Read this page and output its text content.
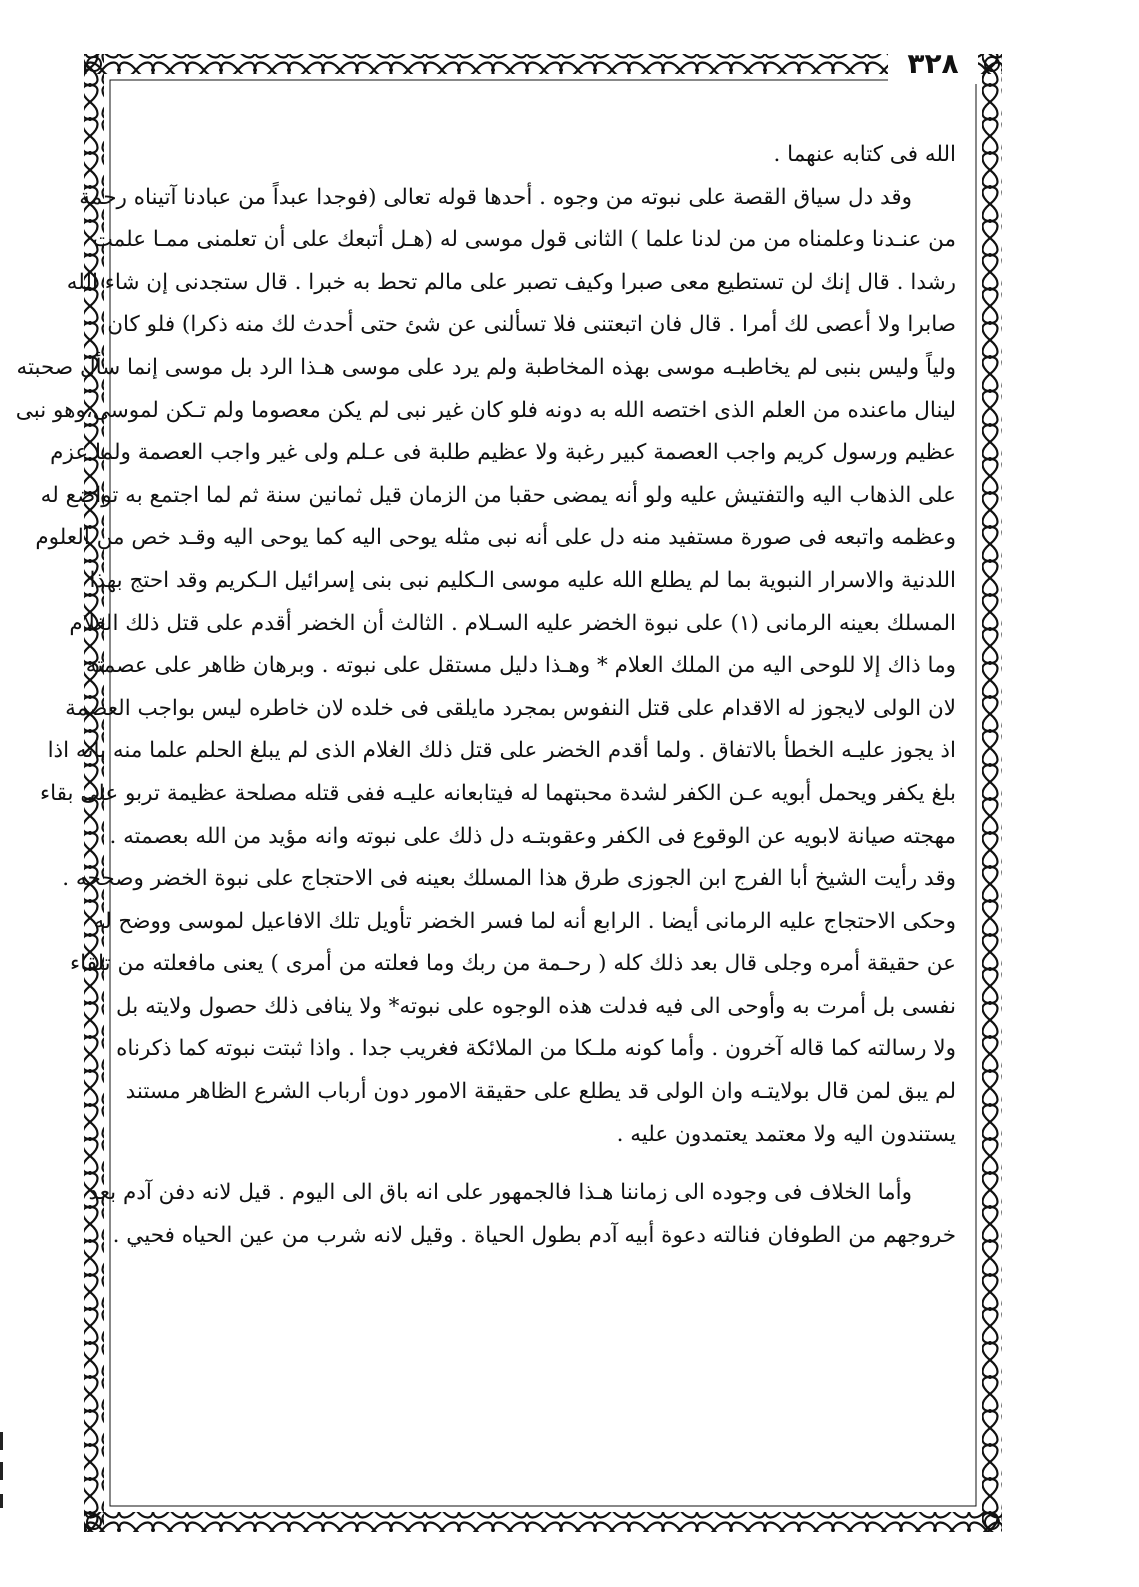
٣٢٨
الله فى كتابه عنهما .
وقد دل سياق القصة على نبوته من وجوه . أحدها قوله تعالى (فوجدا عبداً من عبادنا آتيناه رحمة
من عنـدنا وعلمناه من من لدنا علما ) الثانى قول موسى له (هـل أتبعك على أن تعلمنى ممـا علمت
رشدا . قال إنك لن تستطيع معى صبرا وكيف تصبر على مالم تحط به خبرا . قال ستجدنى إن شاء الله
صابرا ولا أعصى لك أمرا . قال فان اتبعتنى فلا تسألنى عن شئ حتى أحدث لك منه ذكرا) فلو كان
ولياً وليس بنبى لم يخاطبـه موسى بهذه المخاطبة ولم يرد على موسى هـذا الرد بل موسى إنما سأل صحبته
لينال ماعنده من العلم الذى اختصه الله به دونه فلو كان غير نبى لم يكن معصوما ولم تـكن لموسى،وهو نبى
عظيم ورسول كريم واجب العصمة كبير رغبة ولا عظيم طلبة فى عـلم ولى غير واجب العصمة ولما عزم
على الذهاب اليه والتفتيش عليه ولو أنه يمضى حقبا من الزمان قيل ثمانين سنة ثم لما اجتمع به تواضع له
وعظمه واتبعه فى صورة مستفيد منه دل على أنه نبى مثله يوحى اليه كما يوحى اليه وقـد خص من العلوم
اللدنية والاسرار النبوية بما لم يطلع الله عليه موسى الـكليم نبى بنى إسرائيل الـكريم وقد احتج بهذا
المسلك بعينه الرمانى (١) على نبوة الخضر عليه السـلام . الثالث أن الخضر أقدم على قتل ذلك الغلام
وما ذاك إلا للوحى اليه من الملك العلام * وهـذا دليل مستقل على نبوته . وبرهان ظاهر على عصمته
لان الولى لايجوز له الاقدام على قتل النفوس بمجرد مايلقى فى خلده لان خاطره ليس بواجب العصمة
اذ يجوز عليـه الخطأ بالاتفاق . ولما أقدم الخضر على قتل ذلك الغلام الذى لم يبلغ الحلم علما منه بانه اذا
بلغ يكفر ويحمل أبويه عـن الكفر لشدة محبتهما له فيتابعانه عليـه ففى قتله مصلحة عظيمة تربو على بقاء
مهجته صيانة لابويه عن الوقوع فى الكفر وعقوبتـه دل ذلك على نبوته وانه مؤيد من الله بعصمته .
وقد رأيت الشيخ أبا الفرج ابن الجوزى طرق هذا المسلك بعينه فى الاحتجاج على نبوة الخضر وصححه .
وحكى الاحتجاج عليه الرمانى أيضا . الرابع أنه لما فسر الخضر تأويل تلك الافاعيل لموسى ووضح له
عن حقيقة أمره وجلى قال بعد ذلك كله ( رحـمة من ربك وما فعلته من أمرى ) يعنى مافعلته من تلقاء
نفسى بل أمرت به وأوحى الى فيه فدلت هذه الوجوه على نبوته* ولا ينافى ذلك حصول ولايته بل
ولا رسالته كما قاله آخرون . وأما كونه ملـكا من الملائكة فغريب جدا . واذا ثبتت نبوته كما ذكرناه
لم يبق لمن قال بولايتـه وان الولى قد يطلع على حقيقة الامور دون أرباب الشرع الظاهر مستند
يستندون اليه ولا معتمد يعتمدون عليه .
وأما الخلاف فى وجوده الى زماننا هـذا فالجمهور على انه باق الى اليوم . قيل لانه دفن آدم بعد
خروجهم من الطوفان فنالته دعوة أبيه آدم بطول الحياة . وقيل لانه شرب من عين الحياه فحيي .
